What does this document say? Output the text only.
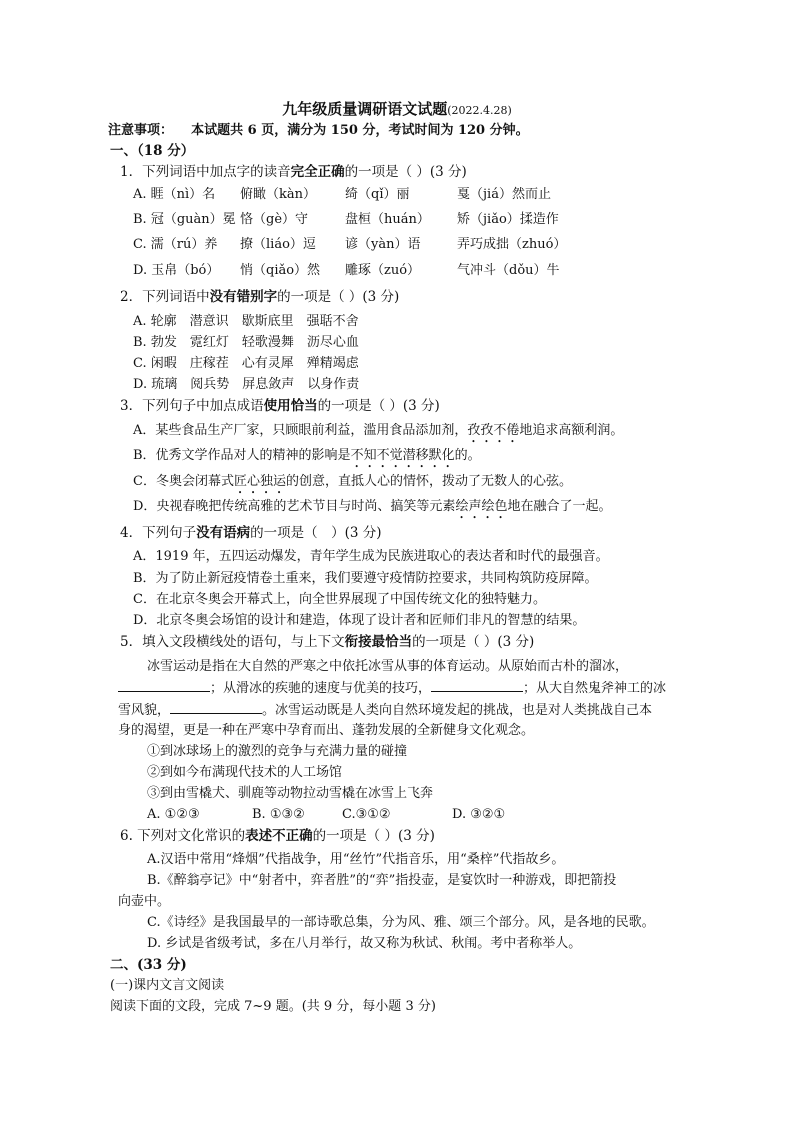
九年级质量调研语文试题(2022.4.28)
注意事项： 本试题共 6 页，满分为 150 分，考试时间为 120 分钟。
一、（18 分）
1．下列词语中加点字的读音完全正确的一项是（ ）(3 分)
A. 睚（nì）名 俯瞰（kàn） 绮（qǐ）丽	戛（jiá）然而止
B. 冠（guàn）冕 恪（gè）守	盘桓（huán） 矫（jiǎo）揉造作
C. 濡（rú）养 撩（liáo）逗 谚（yàn）语	弄巧成拙（zhuó）
D. 玉帛（bó） 悄（qiǎo）然 雕琢（zuó）	气冲斗（dǒu）牛
2．下列词语中没有错别字的一项是（ ）(3 分)
A. 轮廓　潜意识　歇斯底里　强聒不舍
B. 勃发　霓红灯　轻歌漫舞　沥尽心血
C. 闲暇　庄稼茬　心有灵犀　殚精竭虑
D. 琉璃　阅兵势　屏息敛声　以身作责
3．下列句子中加点成语使用恰当的一项是（ ）(3 分)
A．某些食品生产厂家，只顾眼前利益，滥用食品添加剂，孜孜不倦地追求高额利润。
B．优秀文学作品对人的精神的影响是不知不觉潜移默化的。
C．冬奥会闭幕式匠心独运的创意，直抵人心的情怀，拨动了无数人的心弦。
D．央视春晚把传统高雅的艺术节目与时尚、搞笑等元素绘声绘色地在融合了一起。
4．下列句子没有语病的一项是（　）(3 分)
A．1919 年，五四运动爆发，青年学生成为民族进取心的表达者和时代的最强音。
B．为了防止新冠疫情卷土重来，我们要遵守疫情防控要求，共同构筑防疫屏障。
C．在北京冬奥会开幕式上，向全世界展现了中国传统文化的独特魅力。
D．北京冬奥会场馆的设计和建造，体现了设计者和匠师们非凡的智慧的结果。
5．填入文段横线处的语句，与上下文衔接最恰当的一项是（ ）(3 分)
冰雪运动是指在大自然的严寒之中依托冰雪从事的体育运动。从原始而古朴的溜冰，
；从滑冰的疾驰的速度与优美的技巧，	；从大自然鬼斧神工的冰
雪风貌，	。冰雪运动既是人类向自然环境发起的挑战，也是对人类挑战自己本
身的渴望，更是一种在严寒中孕育而出、蓬勃发展的全新健身文化观念。
①到冰球场上的激烈的竞争与充满力量的碰撞
②到如今布满现代技术的人工场馆
③到由雪橇犬、驯鹿等动物拉动雪橇在冰雪上飞奔
A. ①②③	B. ①③②	C.③①②	D. ③②①
6. 下列对文化常识的表述不正确的一项是（ ）(3 分)
A.汉语中常用“烽烟”代指战争，用“丝竹”代指音乐，用“桑梓”代指故乡。
B.《醉翁亭记》中“射者中，弈者胜”的“弈”指投壶，是宴饮时一种游戏，即把箭投
向壶中。
C.《诗经》是我国最早的一部诗歌总集，分为风、雅、颂三个部分。风，是各地的民歌。
D. 乡试是省级考试，多在八月举行，故又称为秋试、秋闱。考中者称举人。
二、(33 分)
(一)课内文言文阅读
阅读下面的文段，完成 7~9 题。(共 9 分，每小题 3 分)
